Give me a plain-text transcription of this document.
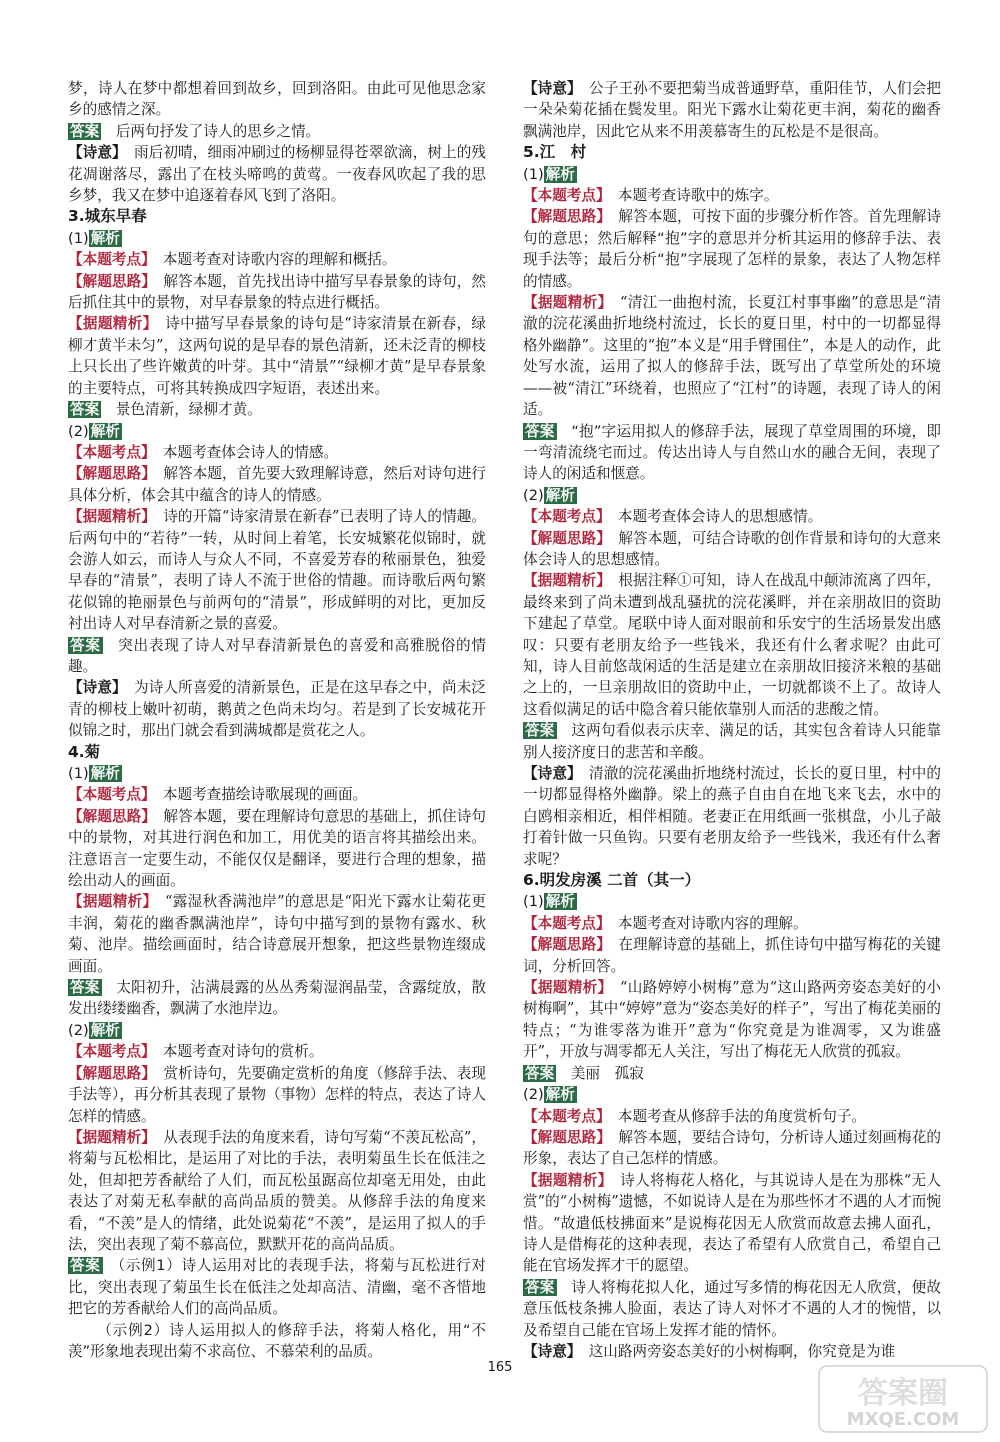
梦，诗人在梦中都想着回到故乡，回到洛阳。由此可见他思念家乡的感情之深。

答案　 后两句抒发了诗人的思乡之情。

【诗意】　 雨后初晴，细雨冲刷过的杨柳显得苍翠欲滴，树上的残花凋谢落尽，露出了在枝头啼鸣的黄莺。一夜春风吹起了我的思乡梦，我又在梦中追逐着春风飞到了洛阳。

3.城东早春

(1) 解析

【本题考点】　 本题考查对诗歌内容的理解和概括。

【解题思路】　 解答本题，首先找出诗中描写早春景象的诗句，然后抓住其中的景物，对早春景象的特点进行概括。

【据题精析】　 诗中描写早春景象的诗句是“诗家清景在新春，绿柳才黄半未匀”，这两句说的是早春的景色清新，还未泛青的柳枝上只长出了些许嫩黄的叶芽。其中“清景”“绿柳才黄”是早春景象的主要特点，可将其转换成四字短语，表述出来。

答案　 景色清新，绿柳才黄。

(2) 解析

【本题考点】　 本题考查体会诗人的情感。

【解题思路】　 解答本题，首先要大致理解诗意，然后对诗句进行具体分析，体会其中蕴含的诗人的情感。

【据题精析】　 诗的开篇“诗家清景在新春”已表明了诗人的情趣。后两句中的“若待”一转，从时间上着笔，长安城繁花似锦时，就会游人如云，而诗人与众人不同，不喜爱芳春的秾丽景色，独爱早春的“清景”，表明了诗人不流于世俗的情趣。而诗歌后两句繁花似锦的艳丽景色与前两句的“清景”，形成鲜明的对比，更加反衬出诗人对早春清新之景的喜爱。

答案　 突出表现了诗人对早春清新景色的喜爱和高雅脱俗的情趣。

【诗意】　 为诗人所喜爱的清新景色，正是在这早春之中，尚未泛青的柳枝上嫩叶初萌，鹅黄之色尚未均匀。若是到了长安城花开似锦之时，那出门就会看到满城都是赏花之人。

4.菊

(1) 解析

【本题考点】　 本题考查描绘诗歌展现的画面。

【解题思路】　 解答本题，要在理解诗句意思的基础上，抓住诗句中的景物，对其进行润色和加工，用优美的语言将其描绘出来。注意语言一定要生动，不能仅仅是翻译，要进行合理的想象，描绘出动人的画面。

【据题精析】　 “露湿秋香满池岸”的意思是“阳光下露水让菊花更丰润，菊花的幽香飘满池岸”，诗句中描写到的景物有露水、秋菊、池岸。描绘画面时，结合诗意展开想象，把这些景物连缀成画面。

答案　 太阳初升，沾满晨露的丛丛秀菊湿润晶莹，含露绽放，散发出缕缕幽香，飘满了水池岸边。

(2) 解析

【本题考点】　 本题考查对诗句的赏析。

【解题思路】　 赏析诗句，先要确定赏析的角度（修辞手法、表现手法等），再分析其表现了景物（事物）怎样的特点，表达了诗人怎样的情感。

【据题精析】　 从表现手法的角度来看，诗句写菊“不羡瓦松高”，将菊与瓦松相比，是运用了对比的手法，表明菊虽生长在低洼之处，但却把芳香献给了人们，而瓦松虽踞高位却毫无用处，由此表达了对菊无私奉献的高尚品质的赞美。从修辞手法的角度来看，“不羡”是人的情绪，此处说菊花“不羡”，是运用了拟人的手法，突出表现了菊不慕高位，默默开花的高尚品质。

答案　 （示例1）诗人运用对比的表现手法，将菊与瓦松进行对比，突出表现了菊虽生长在低洼之处却高洁、清幽，毫不吝惜地把它的芳香献给人们的高尚品质。

（示例2）诗人运用拟人的修辞手法，将菊人格化，用“不羡”形象地表现出菊不求高位、不慕荣利的品质。

【诗意】　 公子王孙不要把菊当成普通野草，重阳佳节，人们会把一朵朵菊花插在鬓发里。阳光下露水让菊花更丰润，菊花的幽香飘满池岸，因此它从来不用羡慕寄生的瓦松是不是很高。

5.江　村

(1) 解析

【本题考点】　 本题考查诗歌中的炼字。

【解题思路】　 解答本题，可按下面的步骤分析作答。首先理解诗句的意思；然后解释“抱”字的意思并分析其运用的修辞手法、表现手法等；最后分析“抱”字展现了怎样的景象，表达了人物怎样的情感。

【据题精析】　 “清江一曲抱村流，长夏江村事事幽”的意思是“清澈的浣花溪曲折地绕村流过，长长的夏日里，村中的一切都显得格外幽静”。这里的“抱”本义是“用手臂围住”，本是人的动作，此处写水流，运用了拟人的修辞手法，既写出了草堂所处的环境——被“清江”环绕着，也照应了“江村”的诗题，表现了诗人的闲适。

答案　 “抱”字运用拟人的修辞手法，展现了草堂周围的环境，即一弯清流绕宅而过。传达出诗人与自然山水的融合无间，表现了诗人的闲适和惬意。

(2) 解析

【本题考点】　 本题考查体会诗人的思想感情。

【解题思路】　 解答本题，可结合诗歌的创作背景和诗句的大意来体会诗人的思想感情。

【据题精析】　 根据注释①可知，诗人在战乱中颠沛流离了四年，最终来到了尚未遭到战乱骚扰的浣花溪畔，并在亲朋故旧的资助下建起了草堂。尾联中诗人面对眼前和乐安宁的生活场景发出感叹：只要有老朋友给予一些钱米，我还有什么奢求呢？由此可知，诗人目前悠哉闲适的生活是建立在亲朋故旧接济米粮的基础之上的，一旦亲朋故旧的资助中止，一切就都谈不上了。故诗人这看似满足的话中隐含着只能依靠别人而活的悲酸之情。

答案　 这两句看似表示庆幸、满足的话，其实包含着诗人只能靠别人接济度日的悲苦和辛酸。

【诗意】　 清澈的浣花溪曲折地绕村流过，长长的夏日里，村中的一切都显得格外幽静。梁上的燕子自由自在地飞来飞去，水中的白鸥相亲相近，相伴相随。老妻正在用纸画一张棋盘，小儿子敲打着针做一只鱼钩。只要有老朋友给予一些钱米，我还有什么奢求呢？

6.明发房溪 二首（其一）

(1) 解析

【本题考点】　 本题考查对诗歌内容的理解。

【解题思路】　 在理解诗意的基础上，抓住诗句中描写梅花的关键词，分析回答。

【据题精析】　 “山路婷婷小树梅”意为“这山路两旁姿态美好的小树梅啊”，其中“婷婷”意为“姿态美好的样子”，写出了梅花美丽的特点；“为谁零落为谁开”意为“你究竟是为谁凋零，又为谁盛开”，开放与凋零都无人关注，写出了梅花无人欣赏的孤寂。

答案　 美丽　孤寂

(2) 解析

【本题考点】　 本题考查从修辞手法的角度赏析句子。

【解题思路】　 解答本题，要结合诗句，分析诗人通过刻画梅花的形象，表达了自己怎样的情感。

【据题精析】　 诗人将梅花人格化，与其说诗人是在为那株“无人赏”的“小树梅”遗憾，不如说诗人是在为那些怀才不遇的人才而惋惜。“故遣低枝拂面来”是说梅花因无人欣赏而故意去拂人面孔，诗人是借梅花的这种表现，表达了希望有人欣赏自己，希望自己能在官场发挥才干的愿望。

答案　 诗人将梅花拟人化，通过写多情的梅花因无人欣赏，便故意压低枝条拂人脸面，表达了诗人对怀才不遇的人才的惋惜，以及希望自己能在官场上发挥才能的情怀。

【诗意】　 这山路两旁姿态美好的小树梅啊，你究竟是为谁

165
答案圈
MXQE.COM
